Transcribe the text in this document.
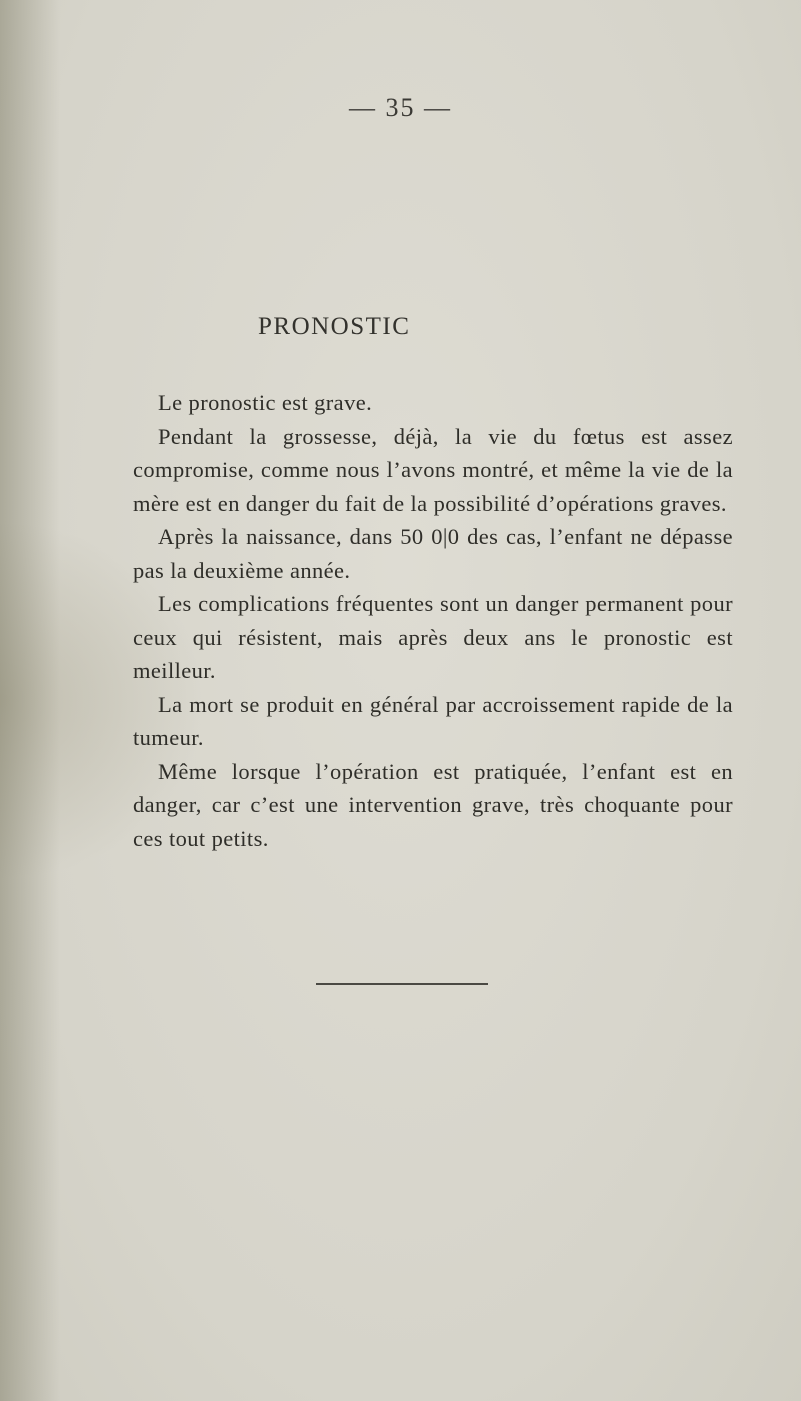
— 35 —
PRONOSTIC

Le pronostic est grave.

Pendant la grossesse, déjà, la vie du fœtus est assez compromise, comme nous l’avons montré, et même la vie de la mère est en danger du fait de la possibilité d’opérations graves.

Après la naissance, dans 50 0|0 des cas, l’enfant ne dépasse pas la deuxième année.

Les complications fréquentes sont un danger permanent pour ceux qui résistent, mais après deux ans le pronostic est meilleur.

La mort se produit en général par accroissement rapide de la tumeur.

Même lorsque l’opération est pratiquée, l’enfant est en danger, car c’est une intervention grave, très choquante pour ces tout petits.
